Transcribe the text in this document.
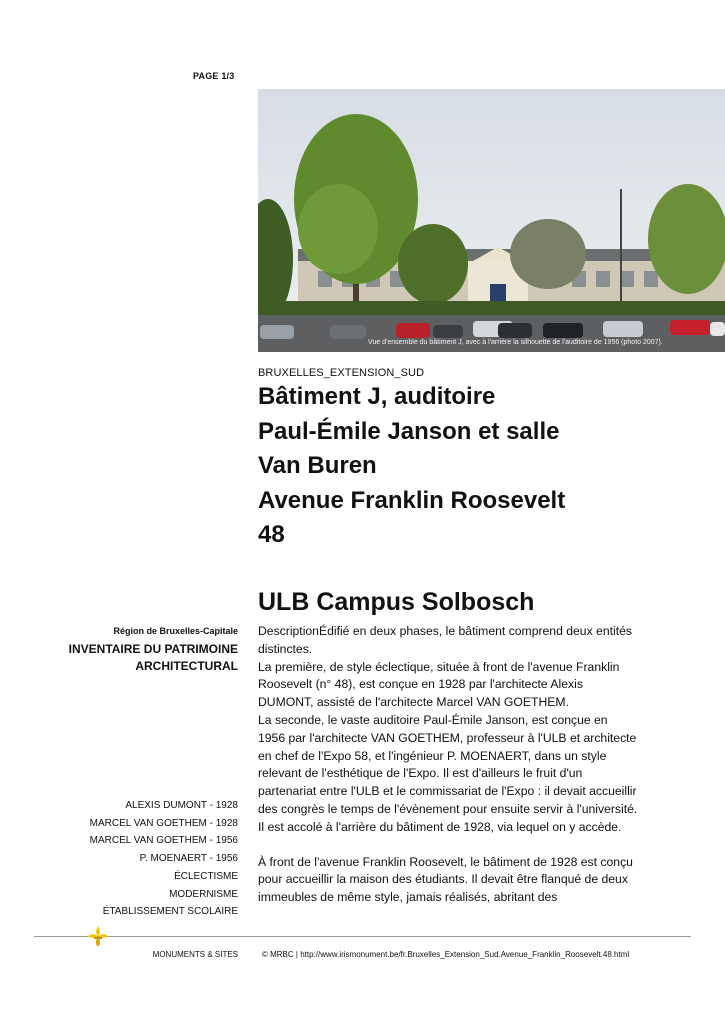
PAGE 1/3
Vue d'ensemble du bâtiment J, avec à l'arrière la silhouette de l'auditoire de 1956 (photo 2007).
BRUXELLES_EXTENSION_SUD
Bâtiment J, auditoire
Paul-Émile Janson et salle
Van Buren
Avenue Franklin Roosevelt
48
ULB Campus Solbosch
Région de Bruxelles-Capitale
INVENTAIRE DU PATRIMOINE
ARCHITECTURAL
ALEXIS DUMONT - 1928
MARCEL VAN GOETHEM - 1928
MARCEL VAN GOETHEM - 1956
P. MOENAERT - 1956
ÉCLECTISME
MODERNISME
ÉTABLISSEMENT SCOLAIRE

DescriptionÉdifié en deux phases, le bâtiment comprend deux entités distinctes.

La première, de style éclectique, située à front de l'avenue Franklin Roosevelt (n° 48), est conçue en 1928 par l'architecte Alexis DUMONT, assisté de l'architecte Marcel VAN GOETHEM.

La seconde, le vaste auditoire Paul-Émile Janson, est conçue en 1956 par l'architecte VAN GOETHEM, professeur à l'ULB et architecte en chef de l'Expo 58, et l'ingénieur P. MOENAERT, dans un style relevant de l'esthétique de l'Expo. Il est d'ailleurs le fruit d'un partenariat entre l'ULB et le commissariat de l'Expo : il devait accueillir des congrès le temps de l'évènement pour ensuite servir à l'université. Il est accolé à l'arrière du bâtiment de 1928, via lequel on y accède.

À front de l'avenue Franklin Roosevelt, le bâtiment de 1928 est conçu pour accueillir la maison des étudiants. Il devait être flanqué de deux immeubles de même style, jamais réalisés, abritant des

MONUMENTS & SITES	© MRBC | http://www.irismonument.be/fr.Bruxelles_Extension_Sud.Avenue_Franklin_Roosevelt.48.html
